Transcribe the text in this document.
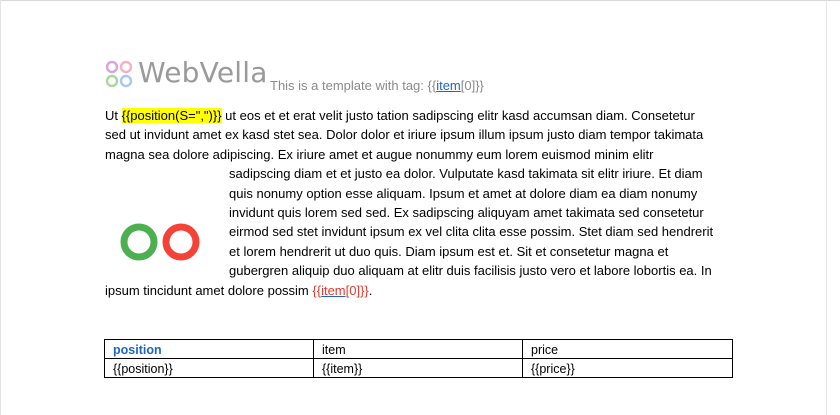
WebVella This is a template with tag: {{item[0]}}
Ut {{position(S=",")}} ut eos et et erat velit justo tation sadipscing elitr kasd accumsan diam. Consetetur
sed ut invidunt amet ex kasd stet sea. Dolor dolor et iriure ipsum illum ipsum justo diam tempor takimata
magna sea dolore adipiscing. Ex iriure amet et augue nonummy eum lorem euismod minim elitr
sadipscing diam et et justo ea dolor. Vulputate kasd takimata sit elitr iriure. Et diam
quis nonumy option esse aliquam. Ipsum et amet at dolore diam ea diam nonumy
invidunt quis lorem sed sed. Ex sadipscing aliquyam amet takimata sed consetetur
eirmod sed stet invidunt ipsum ex vel clita clita esse possim. Stet diam sed hendrerit
et lorem hendrerit ut duo quis. Diam ipsum est et. Sit et consetetur magna et
gubergren aliquip duo aliquam at elitr duis facilisis justo vero et labore lobortis ea. In
ipsum tincidunt amet dolore possim {{item[0]}}.
position	item	price
{{position}}	{{item}}	{{price}}
